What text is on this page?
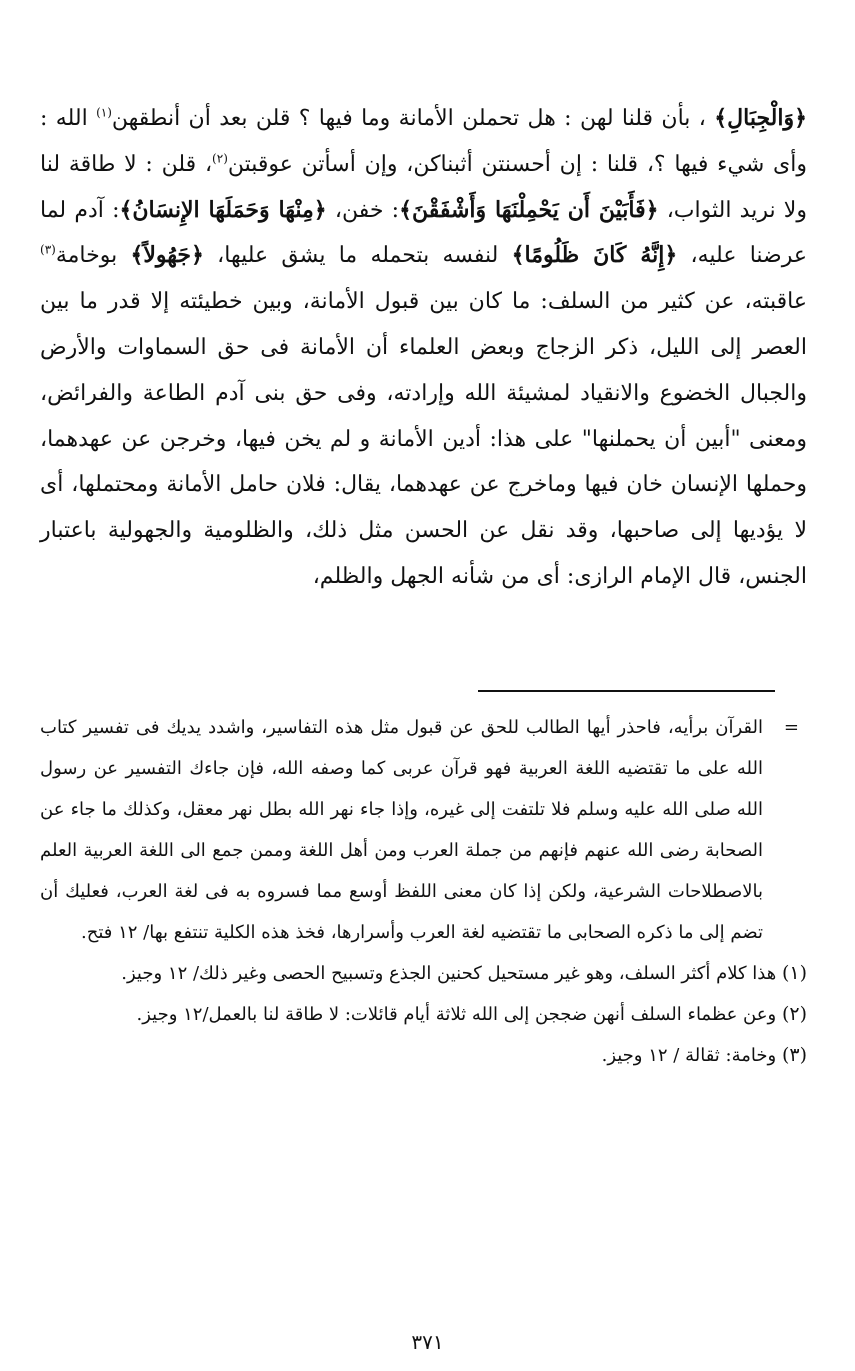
﴿وَالْجِبَالِ﴾ ، بأن قلنا لهن : هل تحملن الأمانة وما فيها ؟ قلن بعد أن أنطقهن$^{(١)}$ الله : وأى شيء فيها ؟، قلنا : إن أحسنتن أثبناكن، وإن أسأتن عوقبتن$^{(٢)}$، قلن : لا طاقة لنا ولا نريد الثواب، ﴿فَأَبَيْنَ أَن يَحْمِلْنَهَا وَأَشْفَقْنَ﴾: خفن، ﴿مِنْهَا وَحَمَلَهَا الإِنسَانُ﴾: آدم لما عرضنا عليه، ﴿إِنَّهُ كَانَ ظَلُومًا﴾ لنفسه بتحمله ما يشق عليها، ﴿جَهُولاً﴾ بوخامة$^{(٣)}$ عاقبته، عن كثير من السلف: ما كان بين قبول الأمانة، وبين خطيئته إلا قدر ما بين العصر إلى الليل، ذكر الزجاج وبعض العلماء أن الأمانة فى حق السماوات والأرض والجبال الخضوع والانقياد لمشيئة الله وإرادته، وفى حق بنى آدم الطاعة والفرائض، ومعنى "أبين أن يحملنها" على هذا: أدين الأمانة و لم يخن فيها، وخرجن عن عهدهما، وحملها الإنسان خان فيها وماخرج عن عهدهما، يقال: فلان حامل الأمانة ومحتملها، أى لا يؤديها إلى صاحبها، وقد نقل عن الحسن مثل ذلك، والظلومية والجهولية باعتبار الجنس، قال الإمام الرازى: أى من شأنه الجهل والظلم،

=
القرآن برأيه، فاحذر أيها الطالب للحق عن قبول مثل هذه التفاسير، واشدد يديك فى تفسير كتاب الله على ما تقتضيه اللغة العربية فهو قرآن عربى كما وصفه الله، فإن جاءك التفسير عن رسول الله صلى الله عليه وسلم فلا تلتفت إلى غيره، وإذا جاء نهر الله بطل نهر معقل، وكذلك ما جاء عن الصحابة رضى الله عنهم فإنهم من جملة العرب ومن أهل اللغة وممن جمع الى اللغة العربية العلم بالاصطلاحات الشرعية، ولكن إذا كان معنى اللفظ أوسع مما فسروه به فى لغة العرب، فعليك أن تضم إلى ما ذكره الصحابى ما تقتضيه لغة العرب وأسرارها، فخذ هذه الكلية تنتفع بها/ ١٢ فتح.

(١) هذا كلام أكثر السلف، وهو غير مستحيل كحنين الجذع وتسبيح الحصى وغير ذلك/ ١٢ وجيز.

(٢) وعن عظماء السلف أنهن ضججن إلى الله ثلاثة أيام قائلات: لا طاقة لنا بالعمل/١٢ وجيز.

(٣) وخامة: ثقالة / ١٢ وجيز.

٣٧١
